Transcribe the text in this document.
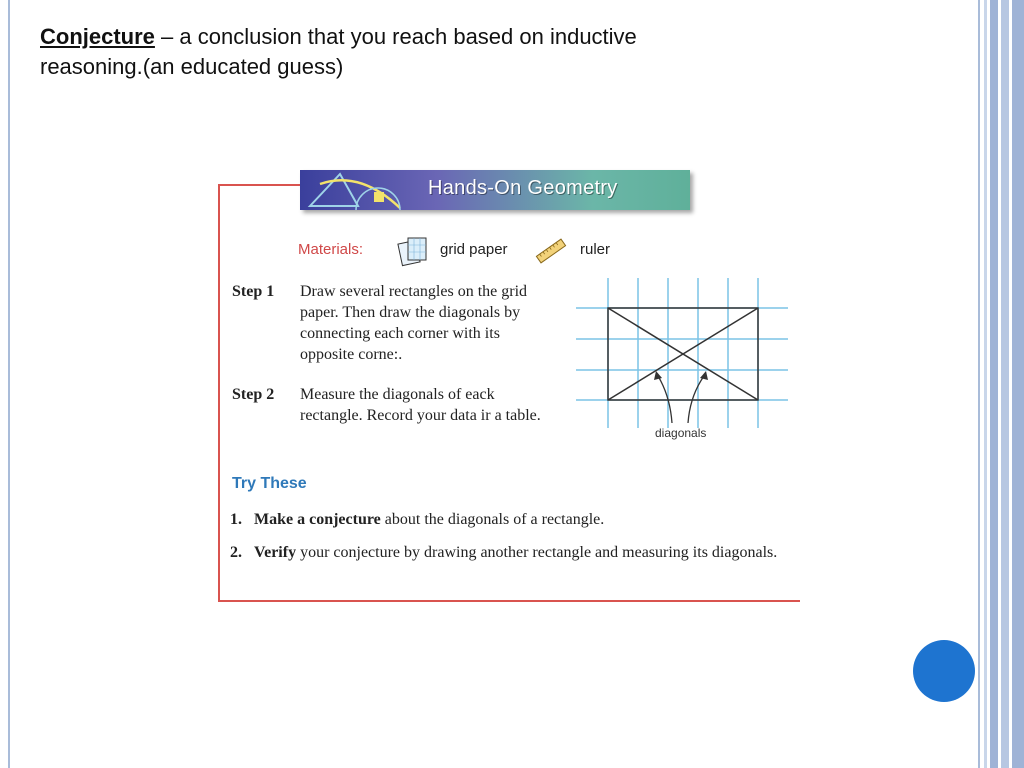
Conjecture – a conclusion that you reach based on inductive reasoning.(an educated guess)
Hands-On Geometry
Materials:	grid paper	ruler
Step 1 Draw several rectangles on the grid paper. Then draw the diagonals by connecting each corner with its opposite corne:.
Step 2 Measure the diagonals of eack rectangle. Record your data ir a table.
diagonals
Try These
1. Make a conjecture about the diagonals of a rectangle.
2. Verify your conjecture by drawing another rectangle and measuring its diagonals.
